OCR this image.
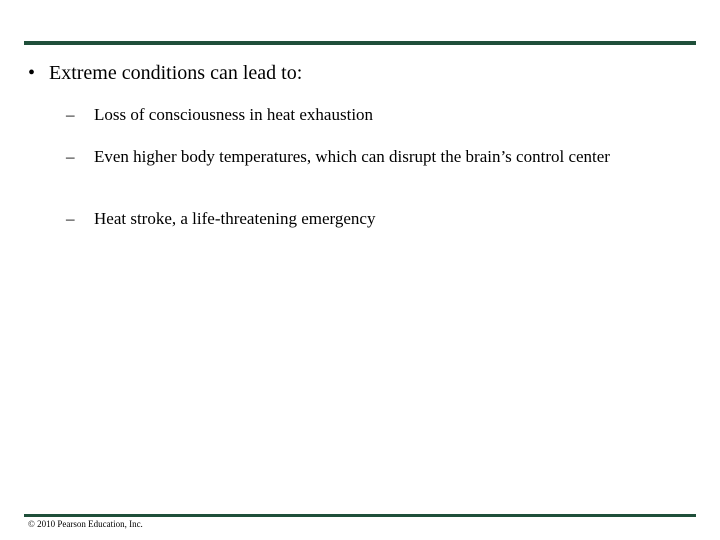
• Extreme conditions can lead to:
– Loss of consciousness in heat exhaustion
– Even higher body temperatures, which can disrupt the brain’s control center
– Heat stroke, a life-threatening emergency
© 2010 Pearson Education, Inc.
